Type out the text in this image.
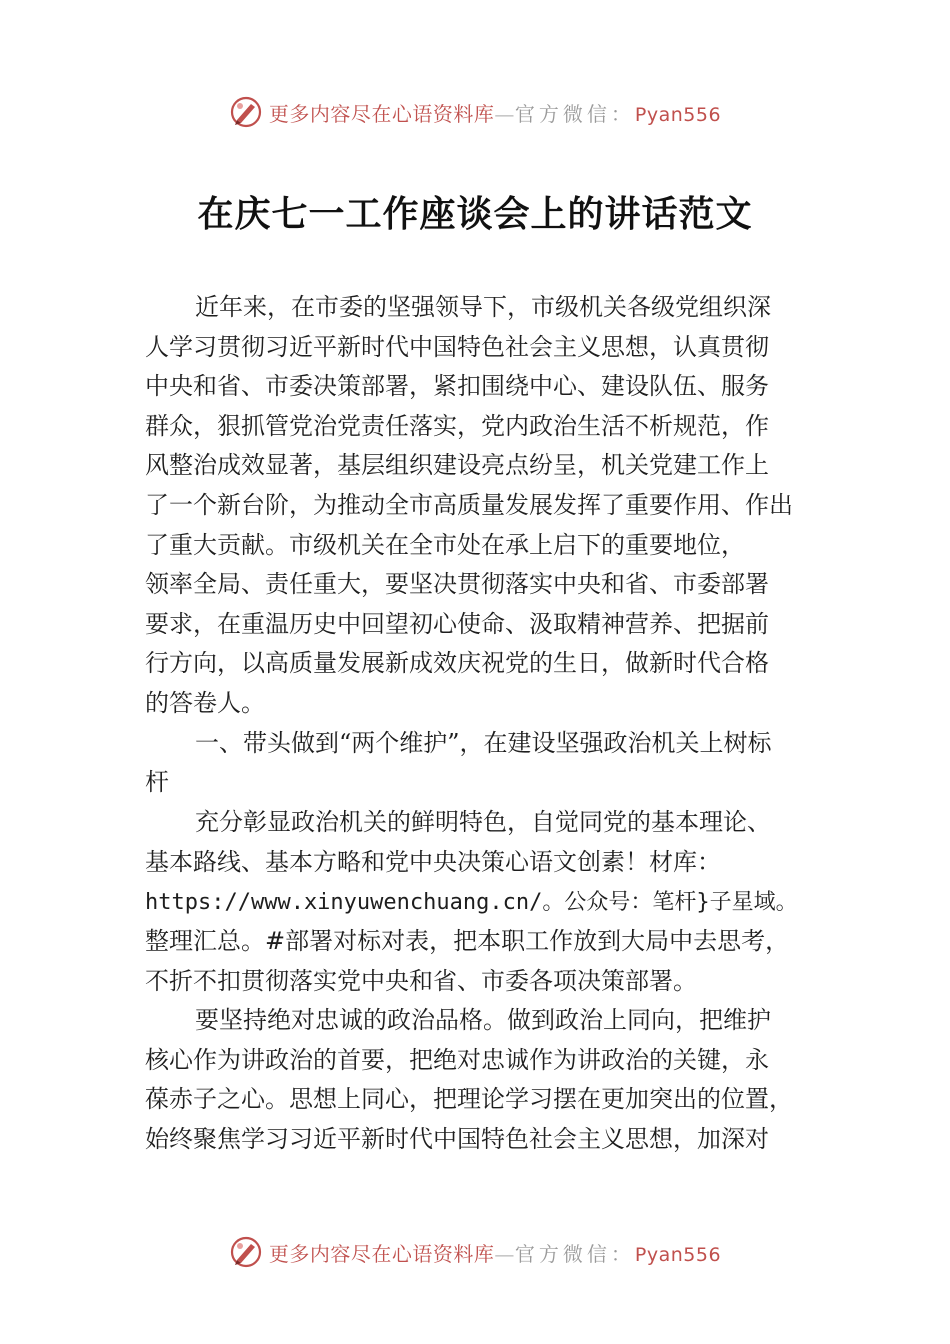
更多内容尽在心语资料库—官方微信：Pyan556
在庆七一工作座谈会上的讲话范文
近年来，在市委的坚强领导下，市级机关各级党组织深
人学习贯彻习近平新时代中国特色社会主义思想，认真贯彻
中央和省、市委决策部署，紧扣围绕中心、建设队伍、服务
群众，狠抓管党治党责任落实，党内政治生活不析规范，作
风整治成效显著，基层组织建设亮点纷呈，机关党建工作上
了一个新台阶，为推动全市高质量发展发挥了重要作用、作出
了重大贡献。市级机关在全市处在承上启下的重要地位，
领率全局、责任重大，要坚决贯彻落实中央和省、市委部署
要求，在重温历史中回望初心使命、汲取精神营养、把据前
行方向，以高质量发展新成效庆祝党的生日，做新时代合格
的答卷人。
一、带头做到“两个维护”，在建设坚强政治机关上树标
杆
充分彰显政治机关的鲜明特色，自觉同党的基本理论、
基本路线、基本方略和党中央决策心语文创素！材库：
https://www.xinyuwenchuang.cn/。公众号：笔杆}子星域。
整理汇总。#部署对标对表，把本职工作放到大局中去思考，
不折不扣贯彻落实党中央和省、市委各项决策部署。
要坚持绝对忠诚的政治品格。做到政治上同向，把维护
核心作为讲政治的首要，把绝对忠诚作为讲政治的关键，永
葆赤子之心。思想上同心，把理论学习摆在更加突出的位置，
始终聚焦学习习近平新时代中国特色社会主义思想，加深对
更多内容尽在心语资料库—官方微信：Pyan556
